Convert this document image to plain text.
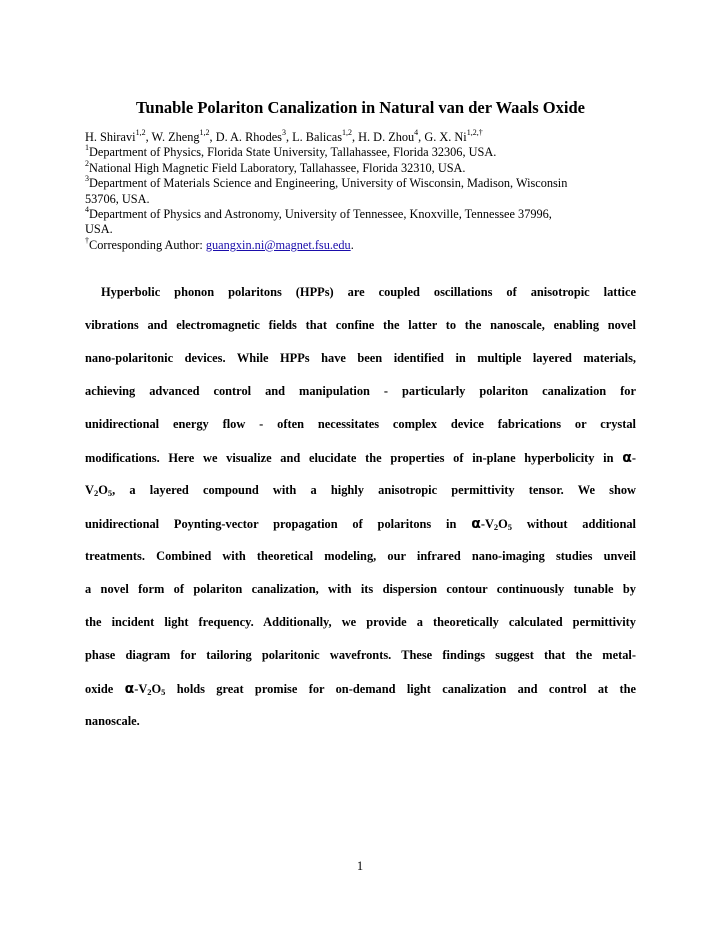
Tunable Polariton Canalization in Natural van der Waals Oxide
H. Shiravi$^{1,2}$, W. Zheng$^{1,2}$, D. A. Rhodes$^3$, L. Balicas$^{1,2}$, H. D. Zhou$^4$, G. X. $Ni^{1,2,\dagger}$
$^1$Department of Physics, Florida State University, Tallahassee, Florida 32306, USA.
$^2$National High Magnetic Field Laboratory, Tallahassee, Florida 32310, USA.
$^3$Department of Materials Science and Engineering, University of Wisconsin, Madison, Wisconsin
53706, USA.
$^4$Department of Physics and Astronomy, University of Tennessee, Knoxville, Tennessee 37996,
USA.
†Corresponding Author: guangxin.ni@magnet.fsu.edu.
Hyperbolic phonon polaritons (HPPs) are coupled oscillations of anisotropic lattice
vibrations and electromagnetic fields that confine the latter to the nanoscale, enabling novel
nano-polaritonic devices. While HPPs have been identified in multiple layered materials,
achieving advanced control and manipulation - particularly polariton canalization for
unidirectional energy flow - often necessitates complex device fabrications or crystal
modifications. Here we visualize and elucidate the properties of in-plane hyperbolicity in α-
$V_2O_5$, a layered compound with a highly anisotropic permittivity tensor. We show
unidirectional Poynting-vector propagation of polaritons in $\alpha-V_2O_5$ without additional
treatments. Combined with theoretical modeling, our infrared nano-imaging studies unveil
a novel form of polariton canalization, with its dispersion contour continuously tunable by
the incident light frequency. Additionally, we provide a theoretically calculated permittivity
phase diagram for tailoring polaritonic wavefronts. These findings suggest that the metal-
oxide $\alpha-V_2O_5$ holds great promise for on-demand light canalization and control at the
nanoscale.
1
